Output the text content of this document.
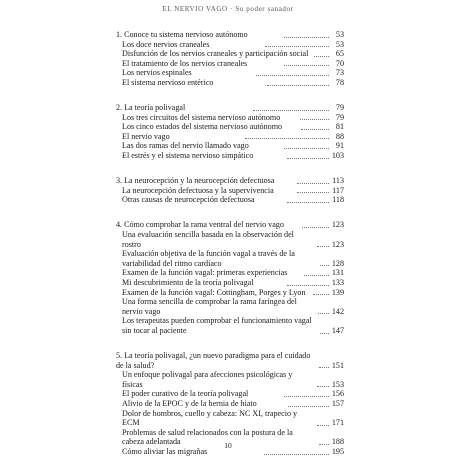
EL NERVIO VAGO · Su poder sanador
1. Conoce tu sistema nervioso autónomo	53
Los doce nervios craneales	53
Disfunción de los nervios craneales y participación social	65
El tratamiento de los nervios craneales	70
Los nervios espinales	73
El sistema nervioso entérico	78
2. La teoría polivagal	79
Los tres circuitos del sistema nervioso autónomo	79
Los cinco estados del sistema nervioso autónomo	81
El nervio vago	88
Las dos ramas del nervio llamado vago	91
El estrés y el sistema nervioso simpático	103
3. La neurocepción y la neurocepción defectuosa	113
La neurocepción defectuosa y la supervivencia	117
Otras causas de neurocepción defectuosa	118
4. Cómo comprobar la rama ventral del nervio vago	123
Una evaluación sencilla basada en la observación del rostro	123
Evaluación objetiva de la función vagal a través de la variabilidad del ritmo cardíaco	128
Examen de la función vagal: primeras experiencias	131
Mi descubrimiento de la teoría polivagal	133
Examen de la función vagal: Cottingham, Porges y Lyon	139
Una forma sencilla de comprobar la rama faríngea del nervio vago	142
Los terapeutas pueden comprobar el funcionamiento vagal sin tocar al paciente	147
5. La teoría polivagal, ¿un nuevo paradigma para el cuidado de la salud?	151
Un enfoque polivagal para afecciones psicológicas y físicas	153
El poder curativo de la teoría polivagal	156
Alivio de la EPOC y de la hernia de hiato	157
Dolor de hombros, cuello y cabeza: NC XI, trapecio y ECM	171
Problemas de salud relacionados con la postura de la cabeza adelantada	188
Cómo aliviar las migrañas	195
10
